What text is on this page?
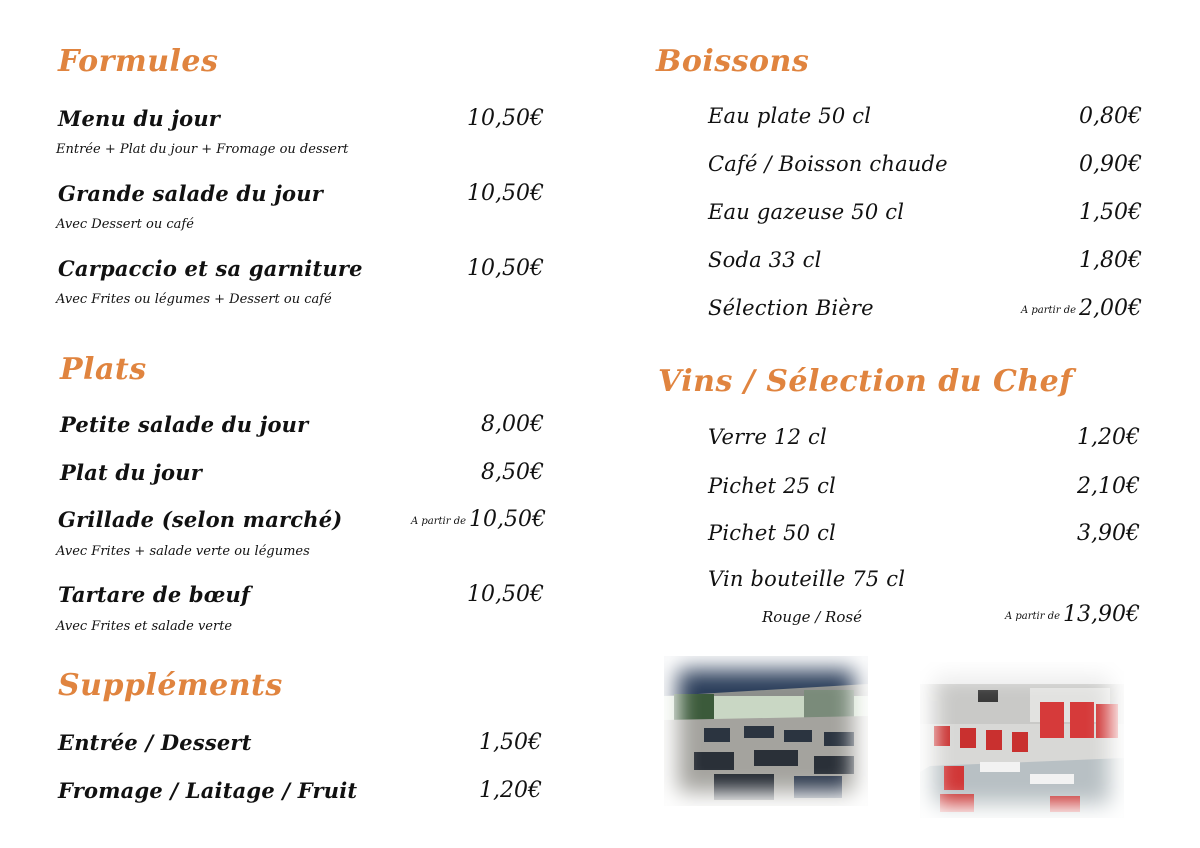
Formules
Menu du jour	10,50€
Entrée + Plat du jour + Fromage ou dessert
Grande salade du jour	10,50€
Avec Dessert ou café
Carpaccio et sa garniture	10,50€
Avec Frites ou légumes + Dessert ou café
Plats
Petite salade du jour	8,00€
Plat du jour	8,50€
Grillade (selon marché)	A partir de 10,50€
Avec Frites + salade verte ou légumes
Tartare de bœuf	10,50€
Avec Frites et salade verte
Suppléments
Entrée / Dessert	1,50€
Fromage / Laitage / Fruit	1,20€
Boissons
Eau plate 50 cl	0,80€
Café / Boisson chaude	0,90€
Eau gazeuse 50 cl	1,50€
Soda 33 cl	1,80€
Sélection Bière	A partir de 2,00€
Vins / Sélection du Chef
Verre 12 cl	1,20€
Pichet 25 cl	2,10€
Pichet 50 cl	3,90€
Vin bouteille 75 cl
Rouge / Rosé	A partir de 13,90€
